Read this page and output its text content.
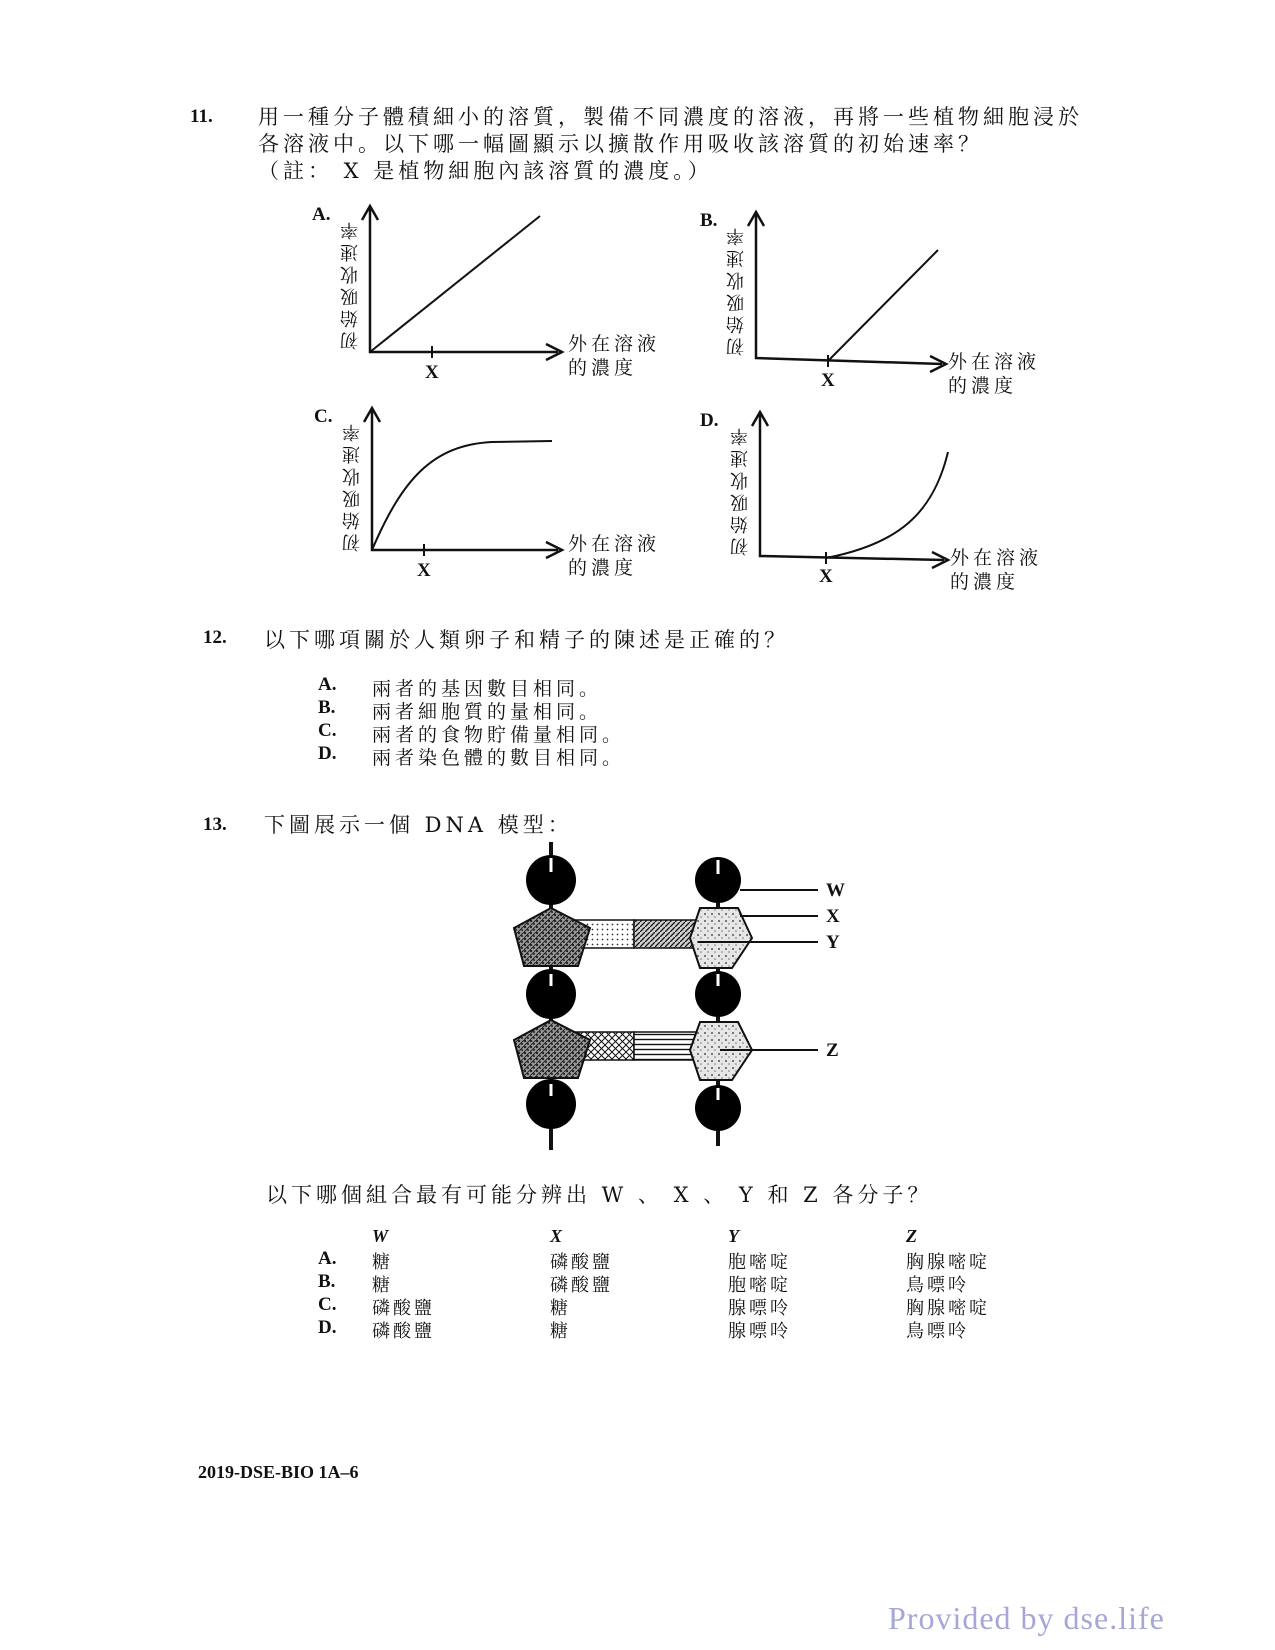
11. 用一種分子體積細小的溶質，製備不同濃度的溶液，再將一些植物細胞浸於
各溶液中。以下哪一幅圖顯示以擴散作用吸收該溶質的初始速率？
（註： X 是植物細胞內該溶質的濃度。）
A.
初始吸收速率
X
外在溶液
的濃度
B.
初始吸收速率
X
外在溶液
的濃度
C.
初始吸收速率
X
外在溶液
的濃度
D.
初始吸收速率
X
外在溶液
的濃度
12. 以下哪項關於人類卵子和精子的陳述是正確的？
A.	兩者的基因數目相同。
B.	兩者細胞質的量相同。
C.	兩者的食物貯備量相同。
D.	兩者染色體的數目相同。
13. 下圖展示一個 DNA 模型：
W
X
Y
Z
以下哪個組合最有可能分辨出 W 、 X 、 Y 和 Z 各分子？
W	X	Y	Z
A.	糖	磷酸鹽	胞嘧啶	胸腺嘧啶
B.	糖	磷酸鹽	胞嘧啶	鳥嘌呤
C.	磷酸鹽	糖	腺嘌呤	胸腺嘧啶
D.	磷酸鹽	糖	腺嘌呤	鳥嘌呤
2019-DSE-BIO 1A–6
Provided by dse.life
